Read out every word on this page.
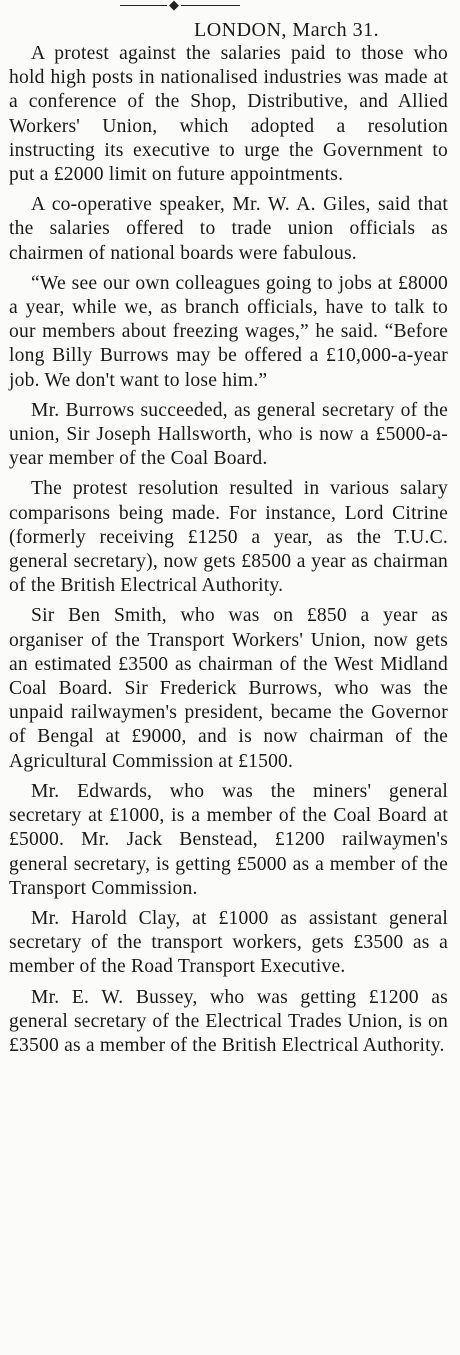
◆
LONDON, March 31.

A protest against the salaries paid to those who hold high posts in nationalised industries was made at a conference of the Shop, Distributive, and Allied Workers' Union, which adopted a resolution instructing its executive to urge the Government to put a £2000 limit on future appointments.

A co-operative speaker, Mr. W. A. Giles, said that the salaries offered to trade union officials as chairmen of national boards were fabulous.

“We see our own colleagues going to jobs at £8000 a year, while we, as branch officials, have to talk to our members about freezing wages,” he said. “Before long Billy Burrows may be offered a £10,000-a-year job. We don't want to lose him.”

Mr. Burrows succeeded, as general secretary of the union, Sir Joseph Hallsworth, who is now a £5000-a-year member of the Coal Board.

The protest resolution resulted in various salary comparisons being made. For instance, Lord Citrine (formerly receiving £1250 a year, as the T.U.C. general secretary), now gets £8500 a year as chairman of the British Electrical Authority.

Sir Ben Smith, who was on £850 a year as organiser of the Transport Workers' Union, now gets an estimated £3500 as chairman of the West Midland Coal Board. Sir Frederick Burrows, who was the unpaid railwaymen's president, became the Governor of Bengal at £9000, and is now chairman of the Agricultural Commission at £1500.

Mr. Edwards, who was the miners' general secretary at £1000, is a member of the Coal Board at £5000. Mr. Jack Benstead, £1200 railwaymen's general secretary, is getting £5000 as a member of the Transport Commission.

Mr. Harold Clay, at £1000 as assistant general secretary of the transport workers, gets £3500 as a member of the Road Transport Executive.

Mr. E. W. Bussey, who was getting £1200 as general secretary of the Electrical Trades Union, is on £3500 as a member of the British Electrical Authority.
